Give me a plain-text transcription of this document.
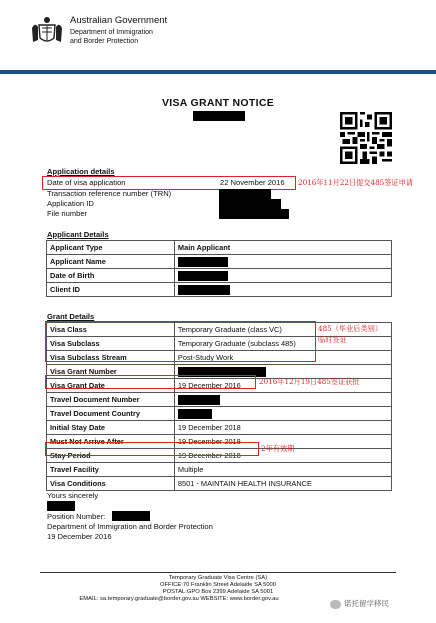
Australian Government
Department of Immigration
and Border Protection
VISA GRANT NOTICE
Application details
Date of visa application	22 November 2016 2016年11月22日提交485签证申请
Transaction reference number (TRN)
Application ID
File number
Applicant Details
Applicant Type	Main Applicant
Applicant Name	
Date of Birth	
Client ID	
Grant Details
Visa Class	Temporary Graduate (class VC)
Visa Subclass	Temporary Graduate (subclass 485)
Visa Subclass Stream	Post-Study Work
Visa Grant Number	
Visa Grant Date	19 December 2016
Travel Document Number	
Travel Document Country	
Initial Stay Date	19 December 2018
Must Not Arrive After	19 December 2018
Stay Period	19 December 2018
Travel Facility	Multiple
Visa Conditions	8501 - MAINTAIN HEALTH INSURANCE
485（毕业后类别）
临时签证
2016年12月19日485签证获批
2年有效期
Yours sincerely
Position Number:
Department of Immigration and Border Protection
19 December 2016
Temporary Graduate Visa Centre (SA)
OFFICE:70 Franklin Street Adelaide SA 5000
POSTAL:GPO Box 2399 Adelaide SA 5001
EMAIL: sa.temporary.graduate@border.gov.au WEBSITE: www.border.gov.au	诺托留学移民
